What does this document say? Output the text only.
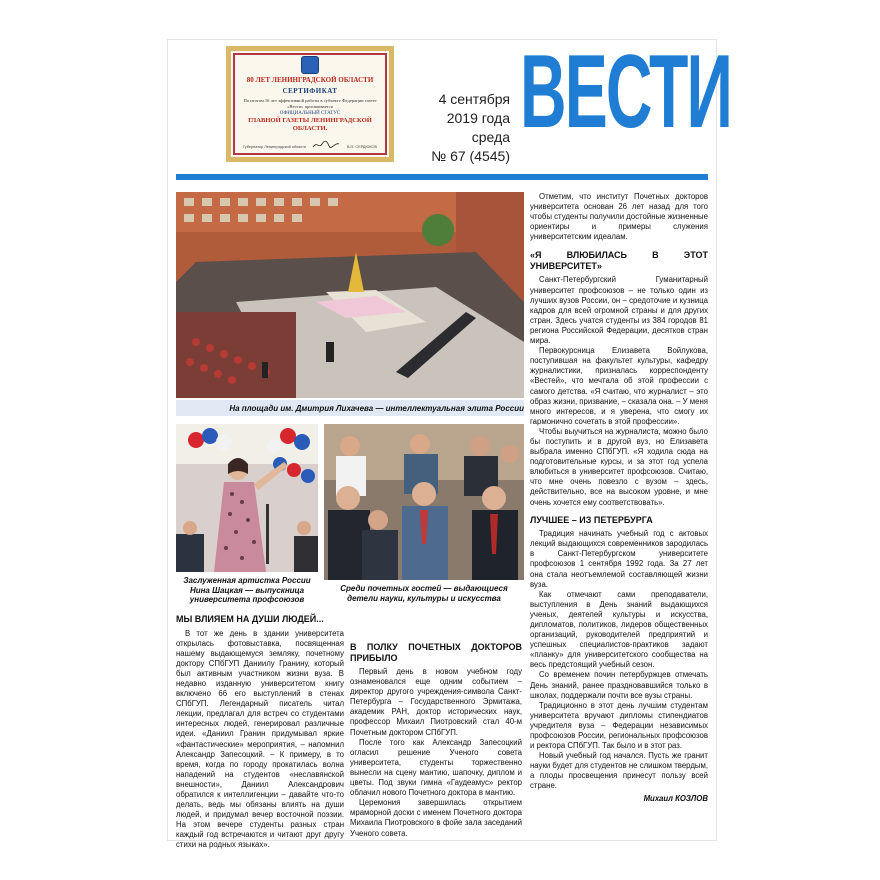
80 ЛЕТ ЛЕНИНГРАДСКОЙ ОБЛАСТИ
СЕРТИФИКАТ
По итогам 16 лет эффективной работы в субъекте Федерации газете «Вести» присваивается
ОФИЦИАЛЬНЫЙ СТАТУС
ГЛАВНОЙ ГАЗЕТЫ ЛЕНИНГРАДСКОЙ ОБЛАСТИ.
Губернатор Ленинградской области	В.П. СЕРДЮКОВ
4 сентября
2019 года
среда
№ 67 (4545)
ВЕСТИ
На площади им. Дмитрия Лихачева — интеллектуальная элита России
Заслуженная артистка России Нина Шацкая — выпускница университета профсоюзов
Среди почетных гостей — выдающиеся детели науки, культуры и искусства
МЫ ВЛИЯЕМ НА ДУШИ ЛЮДЕЙ...

В тот же день в здании университета открылась фотовыставка, посвященная нашему выдающемуся земляку, почетному доктору СПбГУП Даниилу Гранину, который был активным участником жизни вуза. В недавно изданную университетом книгу включено 66 его выступлений в стенах СПбГУП. Легендарный писатель читал лекции, предлагал для встреч со студентами интересных людей, генерировал различные идеи. «Даниил Гранин придумывал яркие «фантастические» мероприятия, – напомнил Александр Запесоцкий. – К примеру, в то время, когда по городу прокатилась волна нападений на студентов «неславянской внешности», Даниил Александрович обратился к интеллигенции – давайте что-то делать, ведь мы обязаны влиять на души людей, и придумал вечер восточной поэзии. На этом вечере студенты разных стран каждый год встречаются и читают друг другу стихи на родных языках».

В ПОЛКУ ПОЧЕТНЫХ ДОКТОРОВ ПРИБЫЛО

Первый день в новом учебном году ознаменовался еще одним событием – директор другого учреждения-символа Санкт-Петербурга – Государственного Эрмитажа, академик РАН, доктор исторических наук, профессор Михаил Пиотровский стал 40-м Почетным доктором СПбГУП.

После того как Александр Запесоцкий огласил решение Ученого совета университета, студенты торжественно вынесли на сцену мантию, шапочку, диплом и цветы. Под звуки гимна «Гаудеамус» ректор облачил нового Почетного доктора в мантию.

Церемония завершилась открытием мраморной доски с именем Почетного доктора Михаила Пиотровского в фойе зала заседаний Ученого совета.

Отметим, что институт Почетных докторов университета основан 26 лет назад для того чтобы студенты получили достойные жизненные ориентиры и примеры служения университетским идеалам.

«Я ВЛЮБИЛАСЬ В ЭТОТ УНИВЕРСИТЕТ»

Санкт-Петербургский Гуманитарный университет профсоюзов – не только один из лучших вузов России, он – средоточие и кузница кадров для всей огромной страны и для других стран. Здесь учатся студенты из 384 городов 81 региона Российской Федерации, десятков стран мира.

Первокурсница Елизавета Войлукова, поступившая на факультет культуры, кафедру журналистики, призналась корреспонденту «Вестей», что мечтала об этой профессии с самого детства. «Я считаю, что журналист – это образ жизни, призвание, – сказала она. – У меня много интересов, и я уверена, что смогу их гармонично сочетать в этой профессии».

Чтобы выучиться на журналиста, можно было бы поступить и в другой вуз, но Елизавета выбрала именно СПбГУП. «Я ходила сюда на подготовительные курсы, и за этот год успела влюбиться в университет профсоюзов. Считаю, что мне очень повезло с вузом – здесь, действительно, все на высоком уровне, и мне очень хочется ему соответствовать».

ЛУЧШЕЕ – ИЗ ПЕТЕРБУРГА

Традиция начинать учебный год с актовых лекций выдающихся современников зародилась в Санкт-Петербургском университете профсоюзов 1 сентября 1992 года. За 27 лет она стала неотъемлемой составляющей жизни вуза.

Как отмечают сами преподаватели, выступления в День знаний выдающихся ученых, деятелей культуры и искусства, дипломатов, политиков, лидеров общественных организаций, руководителей предприятий и успешных специалистов-практиков задают «планку» для университетского сообщества на весь предстоящий учебный сезон.

Со временем почин петербуржцев отмечать День знаний, ранее праздновавшийся только в школах, поддержали почти все вузы страны.

Традиционно в этот день лучшим студентам университета вручают дипломы стипендиатов учредителя вуза – Федерации независимых профсоюзов России, региональных профсоюзов и ректора СПбГУП. Так было и в этот раз.

Новый учебный год начался. Пусть же гранит науки будет для студентов не слишком твердым, а плоды просвещения принесут пользу всей стране.

Михаил КОЗЛОВ
